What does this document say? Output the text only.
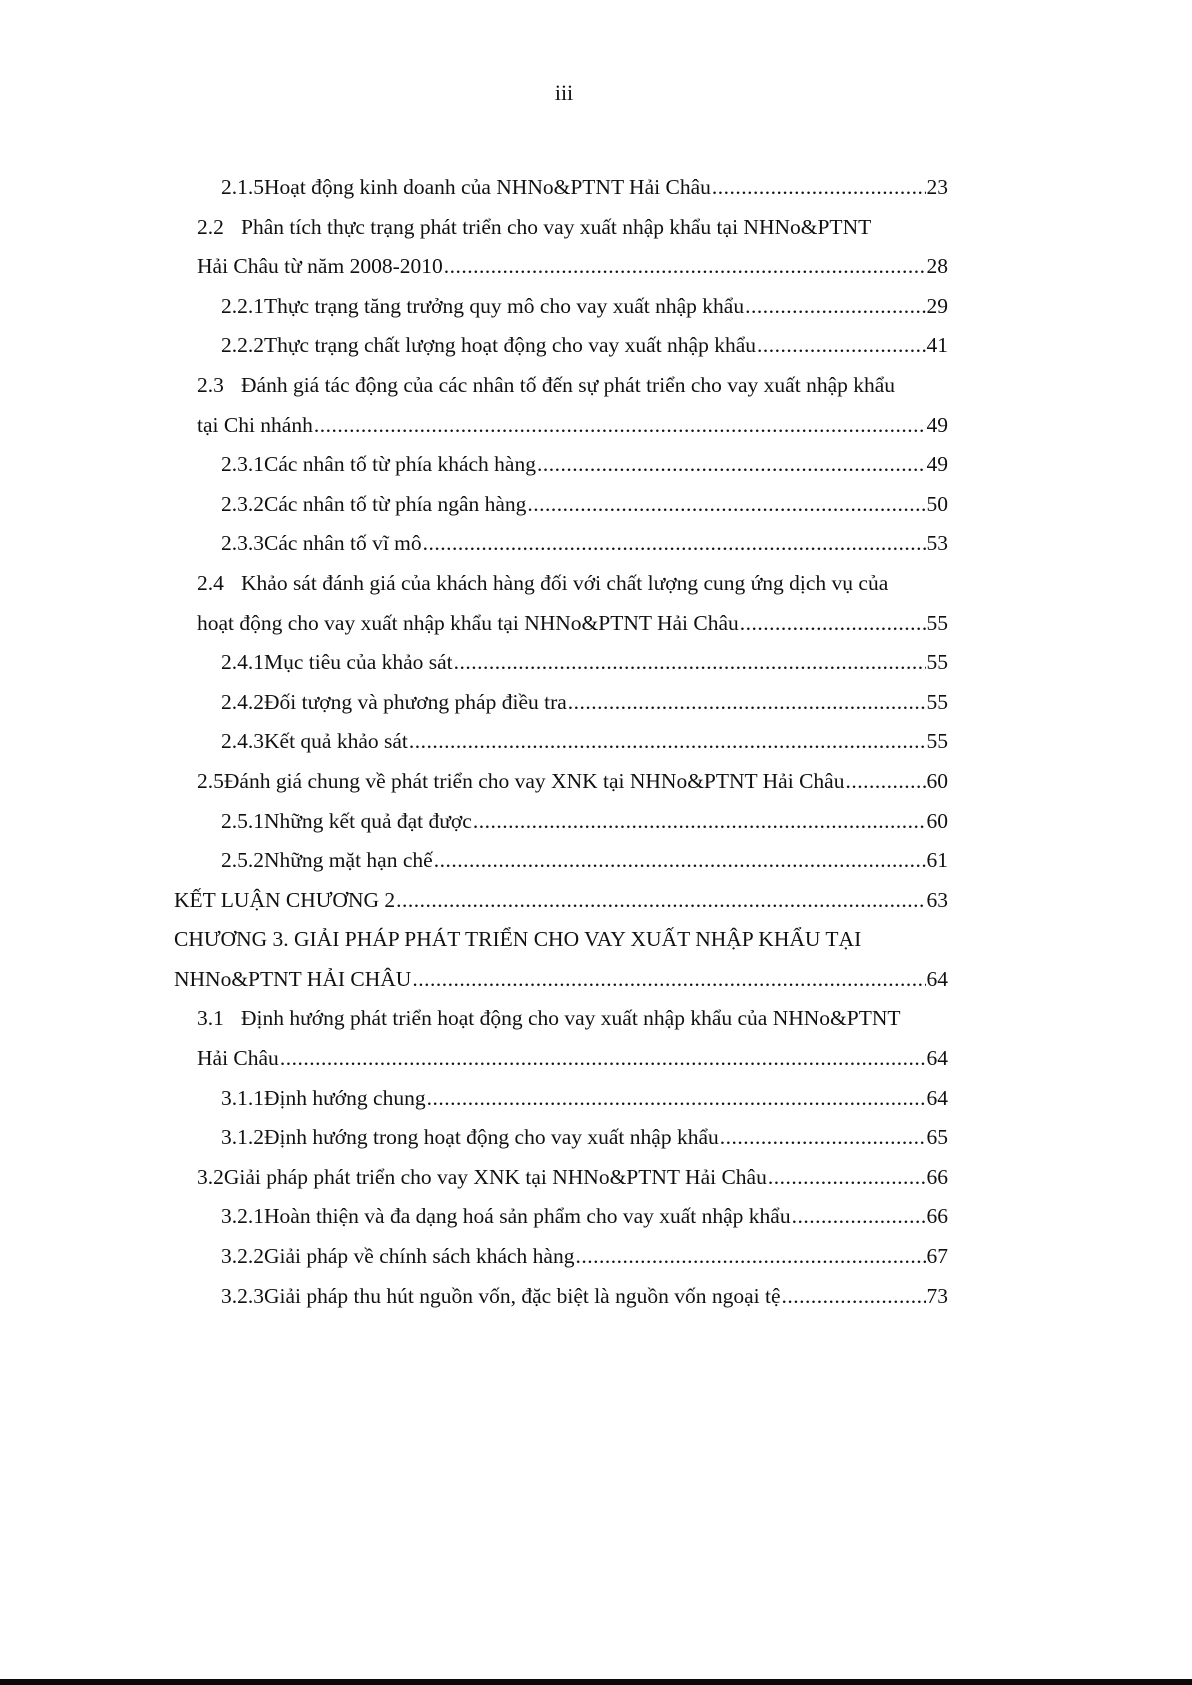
iii
2.1.5 Hoạt động kinh doanh của NHNo&PTNT Hải Châu .....	23
2.2 Phân tích thực trạng phát triển cho vay xuất nhập khẩu tại NHNo&PTNT
Hải Châu từ năm 2008-2010 .....	28
2.2.1 Thực trạng tăng trưởng quy mô cho vay xuất nhập khẩu .....	29
2.2.2 Thực trạng chất lượng hoạt động cho vay xuất nhập khẩu .....	41
2.3 Đánh giá tác động của các nhân tố đến sự phát triển cho vay xuất nhập khẩu
tại Chi nhánh .....	49
2.3.1 Các nhân tố từ phía khách hàng .....	49
2.3.2 Các nhân tố từ phía ngân hàng .....	50
2.3.3 Các nhân tố vĩ mô .....	53
2.4 Khảo sát đánh giá của khách hàng đối với chất lượng cung ứng dịch vụ của
hoạt động cho vay xuất nhập khẩu tại NHNo&PTNT Hải Châu .....	55
2.4.1 Mục tiêu của khảo sát .....	55
2.4.2 Đối tượng và phương pháp điều tra .....	55
2.4.3 Kết quả khảo sát .....	55
2.5 Đánh giá chung về phát triển cho vay XNK tại NHNo&PTNT Hải Châu .....	60
2.5.1 Những kết quả đạt được .....	60
2.5.2 Những mặt hạn chế .....	61
KẾT LUẬN CHƯƠNG 2 .....	63
CHƯƠNG 3. GIẢI PHÁP PHÁT TRIỂN CHO VAY XUẤT NHẬP KHẨU TẠI
NHNo&PTNT HẢI CHÂU .....	64
3.1 Định hướng phát triển hoạt động cho vay xuất nhập khẩu của NHNo&PTNT
Hải Châu .....	64
3.1.1 Định hướng chung .....	64
3.1.2 Định hướng trong hoạt động cho vay xuất nhập khẩu .....	65
3.2 Giải pháp phát triển cho vay XNK tại NHNo&PTNT Hải Châu .....	66
3.2.1 Hoàn thiện và đa dạng hoá sản phẩm cho vay xuất nhập khẩu .....	66
3.2.2 Giải pháp về chính sách khách hàng .....	67
3.2.3 Giải pháp thu hút nguồn vốn, đặc biệt là nguồn vốn ngoại tệ .....	73
